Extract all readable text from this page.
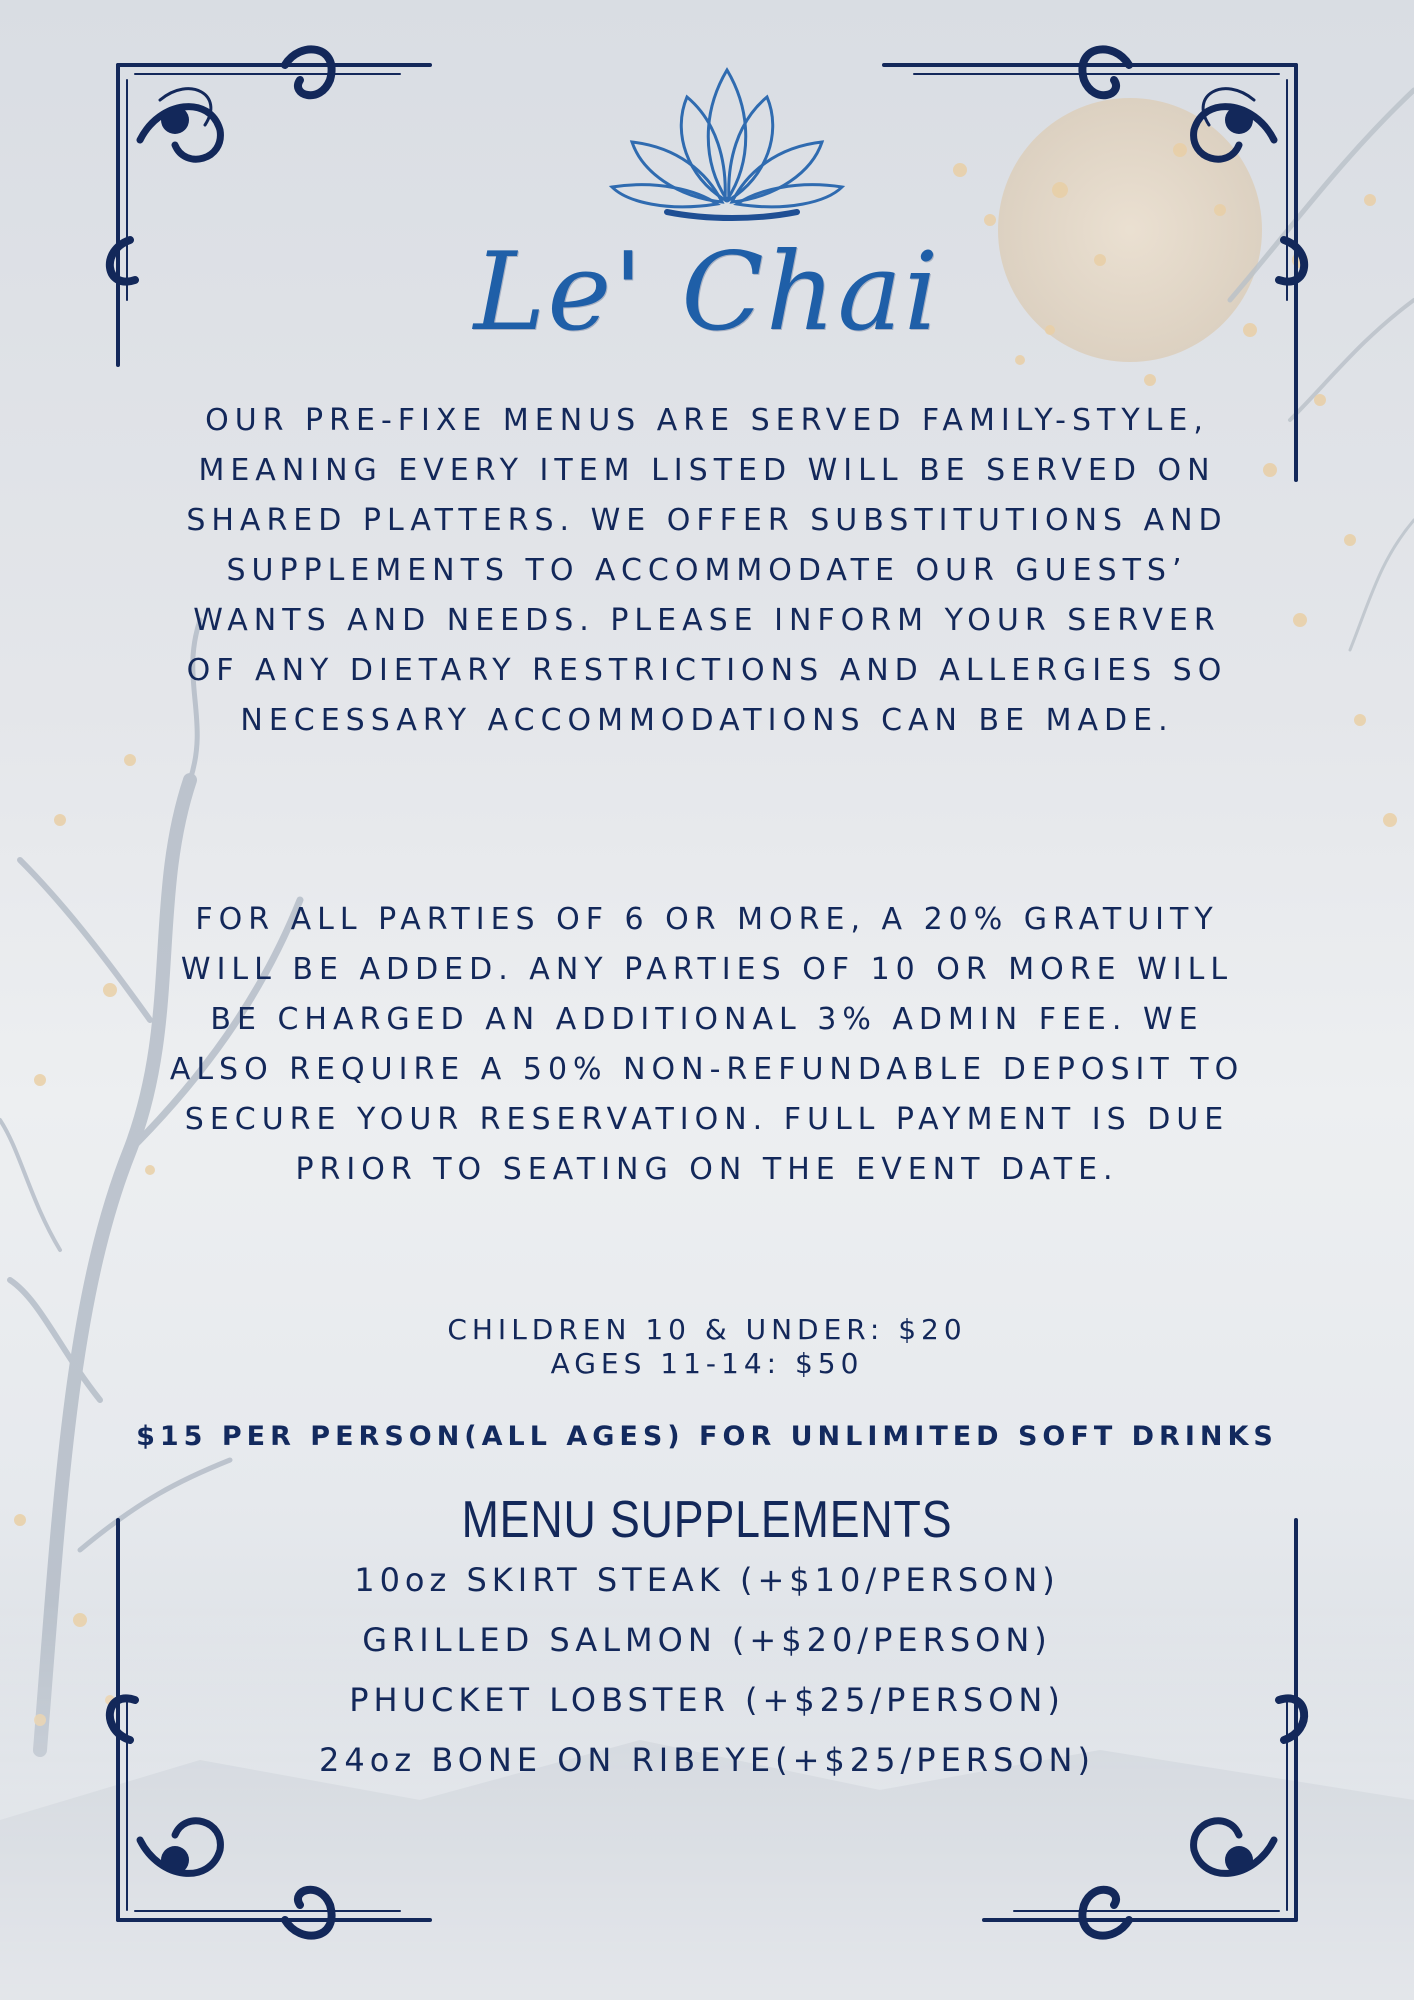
Le' Chai

OUR PRE-FIXE MENUS ARE SERVED FAMILY-STYLE, MEANING EVERY ITEM LISTED WILL BE SERVED ON SHARED PLATTERS. WE OFFER SUBSTITUTIONS AND SUPPLEMENTS TO ACCOMMODATE OUR GUESTS’ WANTS AND NEEDS. PLEASE INFORM YOUR SERVER OF ANY DIETARY RESTRICTIONS AND ALLERGIES SO NECESSARY ACCOMMODATIONS CAN BE MADE.

FOR ALL PARTIES OF 6 OR MORE, A 20% GRATUITY WILL BE ADDED. ANY PARTIES OF 10 OR MORE WILL BE CHARGED AN ADDITIONAL 3% ADMIN FEE. WE ALSO REQUIRE A 50% NON-REFUNDABLE DEPOSIT TO SECURE YOUR RESERVATION. FULL PAYMENT IS DUE PRIOR TO SEATING ON THE EVENT DATE.

CHILDREN 10 & UNDER: $20
AGES 11-14: $50
$15 PER PERSON(ALL AGES) FOR UNLIMITED SOFT DRINKS
MENU SUPPLEMENTS
10oz SKIRT STEAK (+$10/PERSON)
GRILLED SALMON (+$20/PERSON)
PHUCKET LOBSTER (+$25/PERSON)
24oz BONE ON RIBEYE(+$25/PERSON)
